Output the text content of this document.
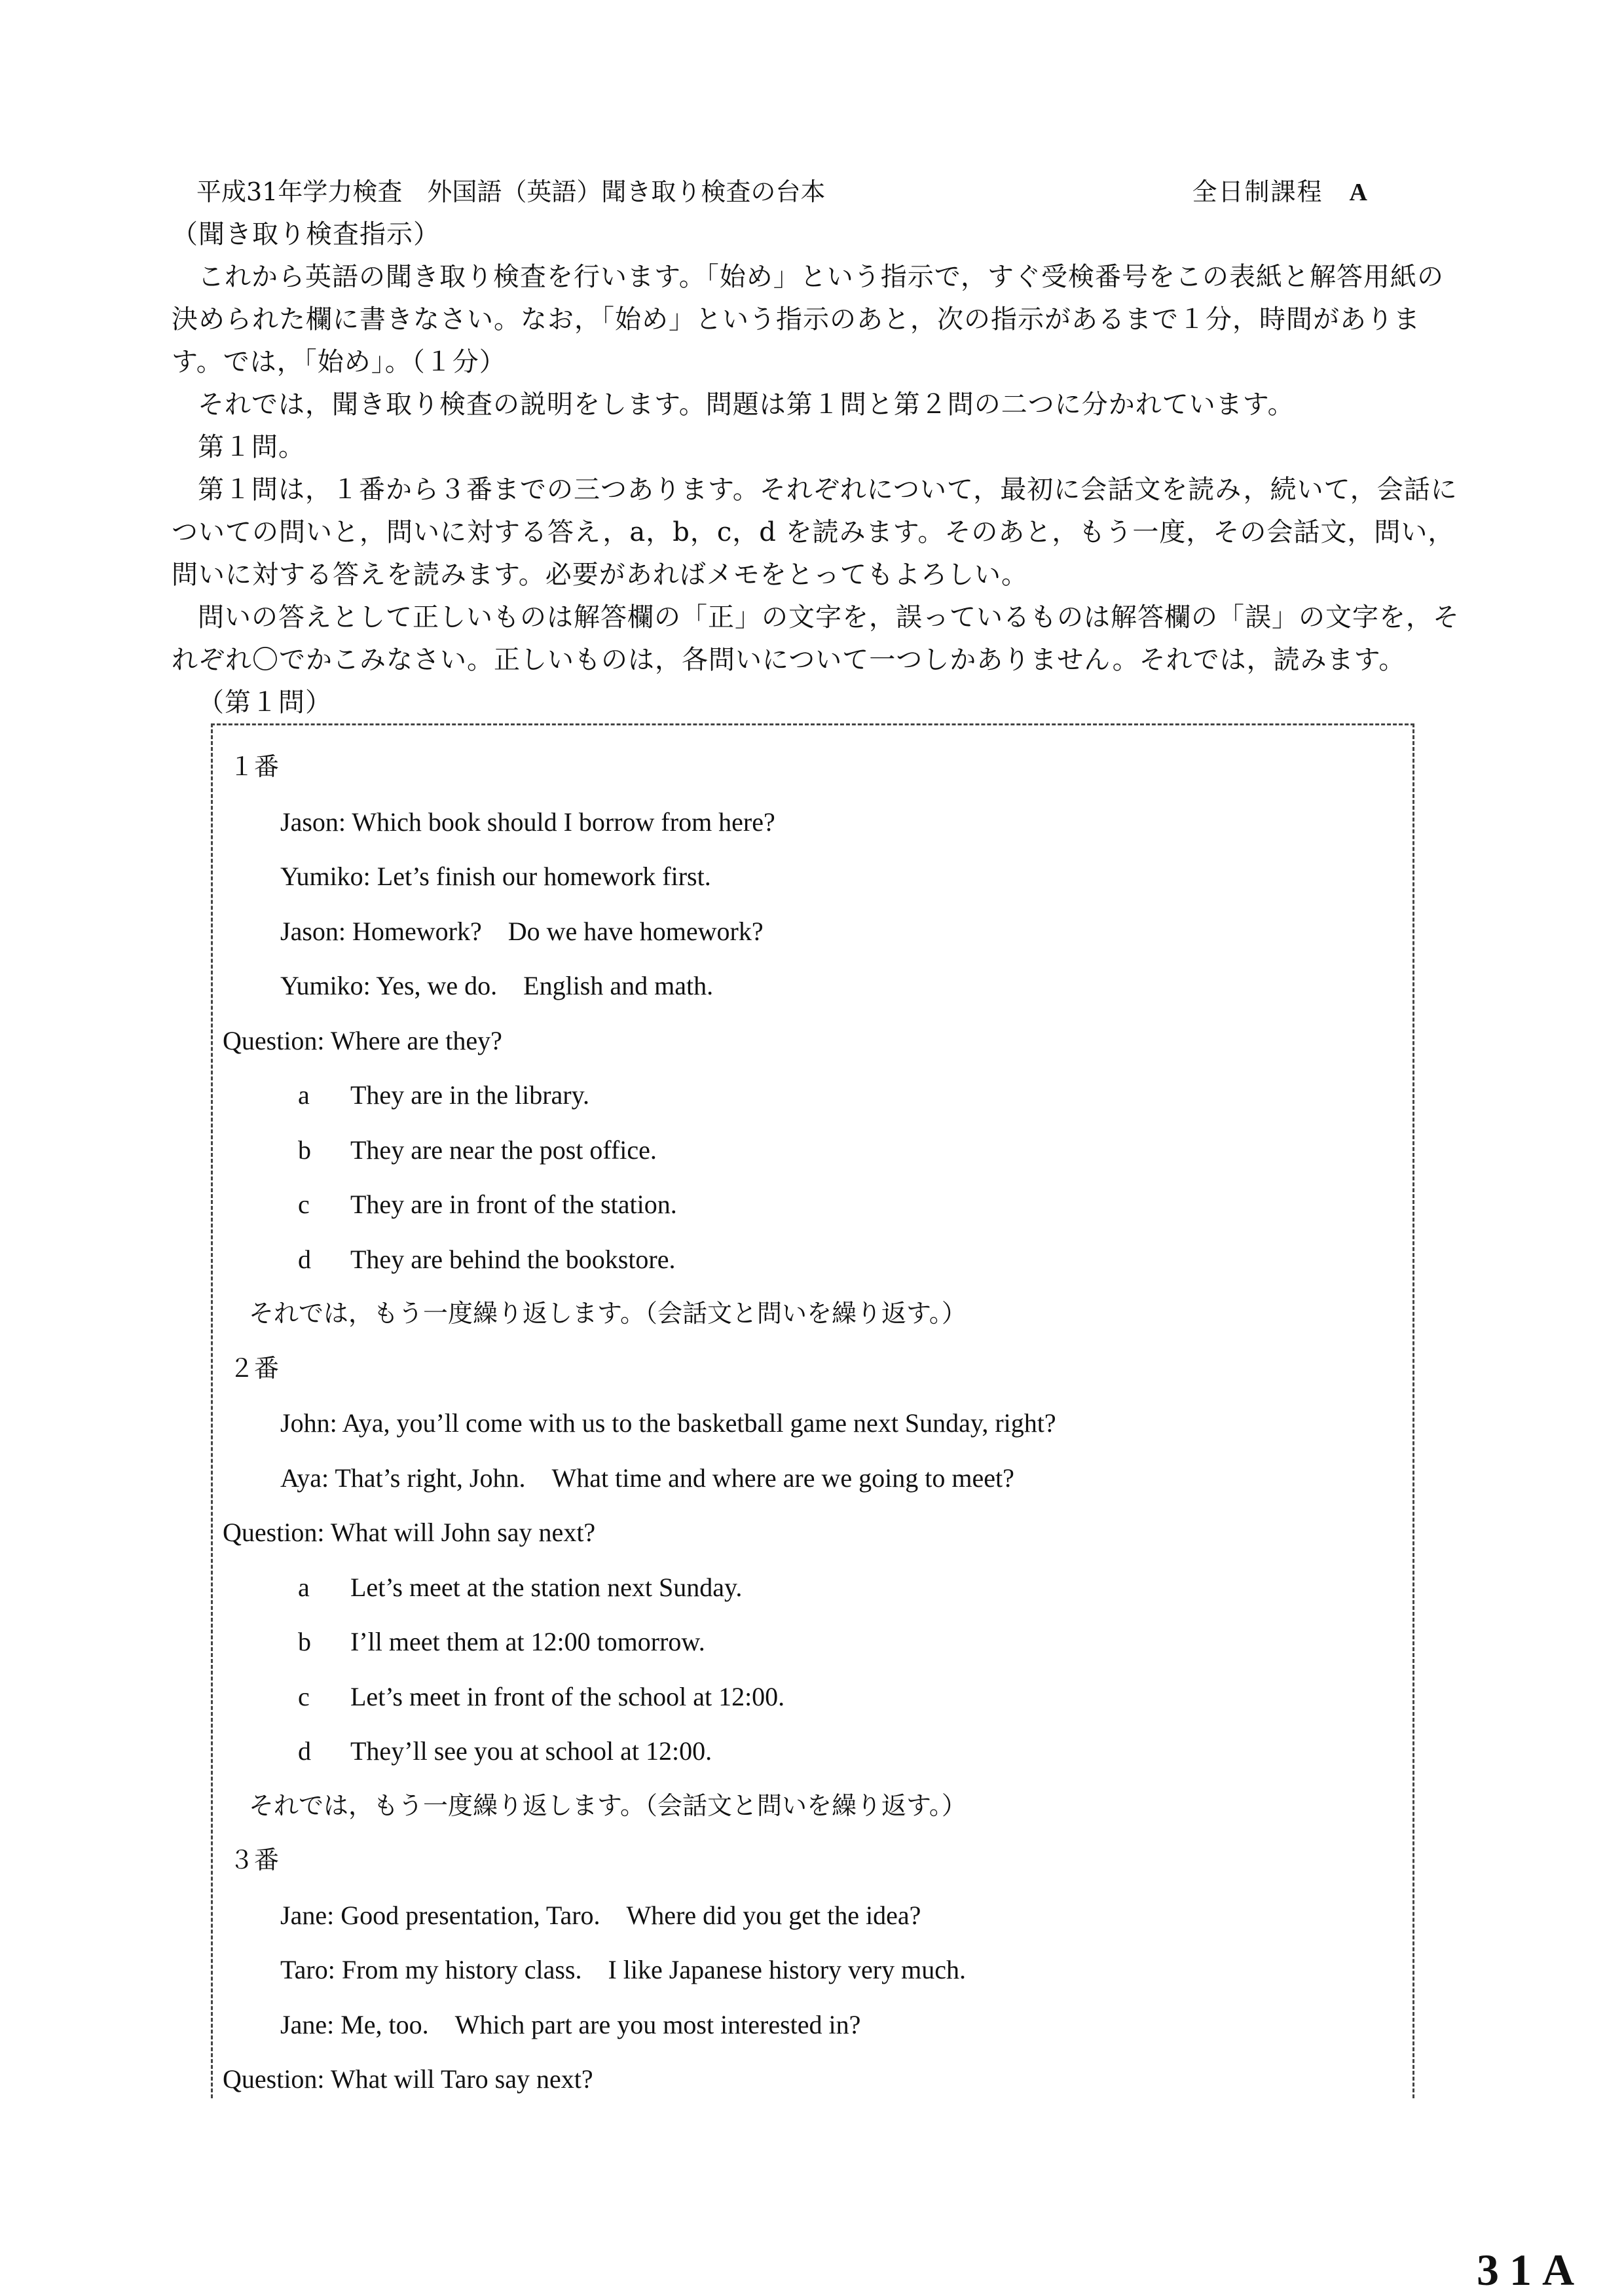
平成31年学力検査　外国語（英語）聞き取り検査の台本	全日制課程 A

（聞き取り検査指示）

これから英語の聞き取り検査を行います。「始め」という指示で，すぐ受検番号をこの表紙と解答用紙の決められた欄に書きなさい。なお，「始め」という指示のあと，次の指示があるまで１分，時間があります。では，「始め」。（１分）

それでは，聞き取り検査の説明をします。問題は第１問と第２問の二つに分かれています。

第１問。

第１問は，１番から３番までの三つあります。それぞれについて，最初に会話文を読み，続いて，会話についての問いと，問いに対する答え，a，b，c，d を読みます。そのあと，もう一度，その会話文，問い，問いに対する答えを読みます。必要があればメモをとってもよろしい。

問いの答えとして正しいものは解答欄の「正」の文字を，誤っているものは解答欄の「誤」の文字を，それぞれ〇でかこみなさい。正しいものは，各問いについて一つしかありません。それでは，読みます。

（第１問）

１番
Jason: Which book should I borrow from here?
Yumiko: Let’s finish our homework first.
Jason: Homework?　Do we have homework?
Yumiko: Yes, we do.　English and math.
Question: Where are they?
a They are in the library.
b They are near the post office.
c They are in front of the station.
d They are behind the bookstore.
それでは，もう一度繰り返します。（会話文と問いを繰り返す。）
２番
John: Aya, you’ll come with us to the basketball game next Sunday, right?
Aya: That’s right, John.　What time and where are we going to meet?
Question: What will John say next?
a Let’s meet at the station next Sunday.
b I’ll meet them at 12:00 tomorrow.
c Let’s meet in front of the school at 12:00.
d They’ll see you at school at 12:00.
それでは，もう一度繰り返します。（会話文と問いを繰り返す。）
３番
Jane: Good presentation, Taro.　Where did you get the idea?
Taro: From my history class.　I like Japanese history very much.
Jane: Me, too.　Which part are you most interested in?
Question: What will Taro say next?
31A
